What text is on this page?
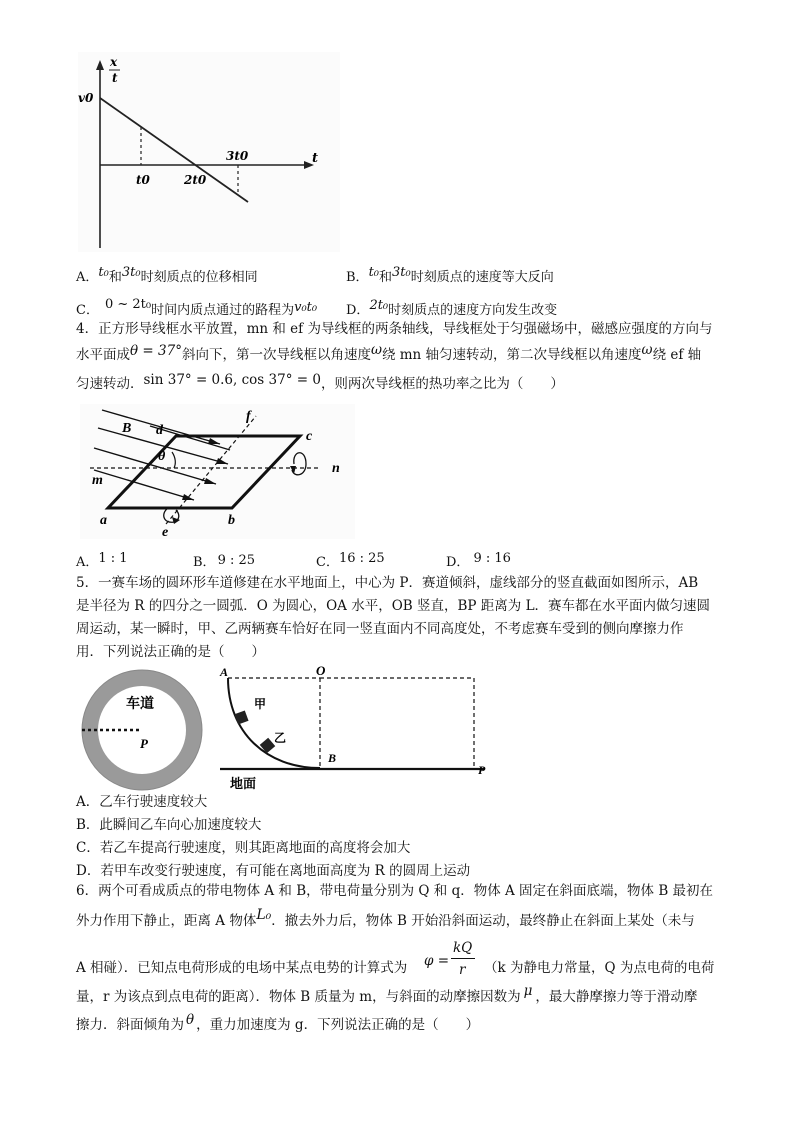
x
t
v0
t0	2t0
3t0	t
A．t₀和3t₀时刻质点的位移相同	B．t₀和3t₀时刻质点的速度等大反向
C． 0 ~ 2t₀时间内质点通过的路程为v₀t₀ D．2t₀时刻质点的速度方向发生改变
4．正方形导线框水平放置，mn 和 ef 为导线框的两条轴线，导线框处于匀强磁场中，磁感应强度的方向与
水平面成θ = 37°斜向下，第一次导线框以角速度ω绕 mn 轴匀速转动，第二次导线框以角速度ω绕 ef 轴
匀速转动．sin 37° = 0.6, cos 37° = 0，则两次导线框的热功率之比为（　　）
B d
f
c
θ
m
n
a	b
e
A．1 : 1	B． 9 : 25	C．16 : 25	D． 9 : 16
5．一赛车场的圆环形车道修建在水平地面上，中心为 P．赛道倾斜，虚线部分的竖直截面如图所示，AB
是半径为 R 的四分之一圆弧．O 为圆心，OA 水平，OB 竖直，BP 距离为 L．赛车都在水平面内做匀速圆
周运动，某一瞬时，甲、乙两辆赛车恰好在同一竖直面内不同高度处，不考虑赛车受到的侧向摩擦力作
用．下列说法正确的是（　　）
车道
P
A	O
甲
乙
B
P
地面
A．乙车行驶速度较大
B．此瞬间乙车向心加速度较大
C．若乙车提高行驶速度，则其距离地面的高度将会加大
D．若甲车改变行驶速度，有可能在离地面高度为 R 的圆周上运动
6．两个可看成质点的带电物体 A 和 B，带电荷量分别为 Q 和 q．物体 A 固定在斜面底端，物体 B 最初在
外力作用下静止，距离 A 物体L₀．撤去外力后，物体 B 开始沿斜面运动，最终静止在斜面上某处（未与
A 相碰）．已知点电荷形成的电场中某点电势的计算式为 φ =
kQ
r （k 为静电力常量，Q 为点电荷的电荷
量，r 为该点到点电荷的距离）．物体 B 质量为 m，与斜面的动摩擦因数为 μ ，最大静摩擦力等于滑动摩
擦力．斜面倾角为 θ ，重力加速度为 g．下列说法正确的是（　　）
